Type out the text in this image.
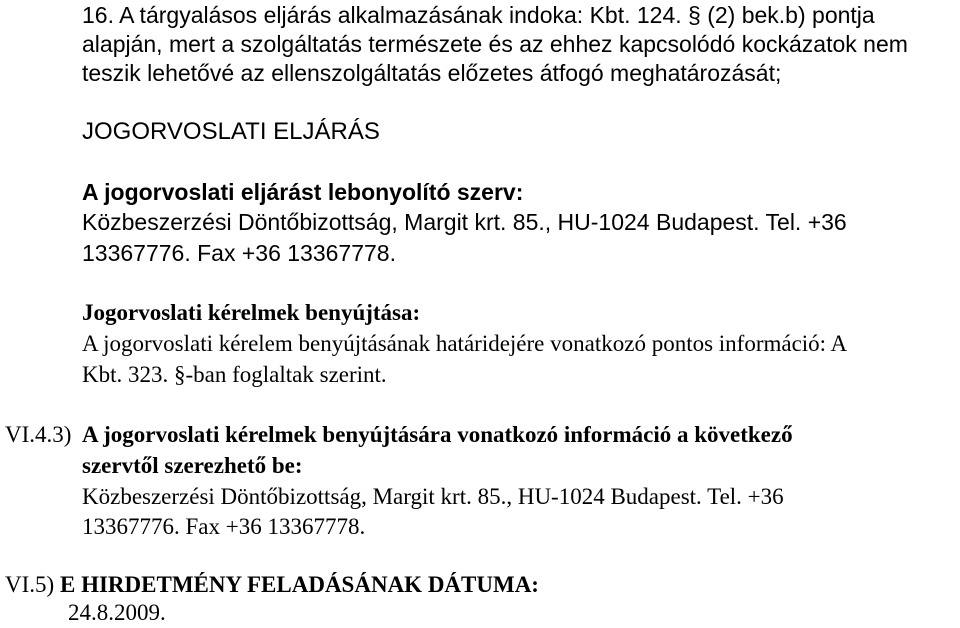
16. A tárgyalásos eljárás alkalmazásának indoka: Kbt. 124. § (2) bek.b) pontja
alapján, mert a szolgáltatás természete és az ehhez kapcsolódó kockázatok nem
teszik lehetővé az ellenszolgáltatás előzetes átfogó meghatározását;
JOGORVOSLATI ELJÁRÁS
A jogorvoslati eljárást lebonyolító szerv:
Közbeszerzési Döntőbizottság, Margit krt. 85., HU-1024 Budapest. Tel. +36
13367776. Fax +36 13367778.
Jogorvoslati kérelmek benyújtása:
A jogorvoslati kérelem benyújtásának határidejére vonatkozó pontos információ: A
Kbt. 323. §-ban foglaltak szerint.
VI.4.3) A jogorvoslati kérelmek benyújtására vonatkozó információ a következő
szervtől szerezhető be:
Közbeszerzési Döntőbizottság, Margit krt. 85., HU-1024 Budapest. Tel. +36
13367776. Fax +36 13367778.
VI.5) E HIRDETMÉNY FELADÁSÁNAK DÁTUMA:
24.8.2009.
